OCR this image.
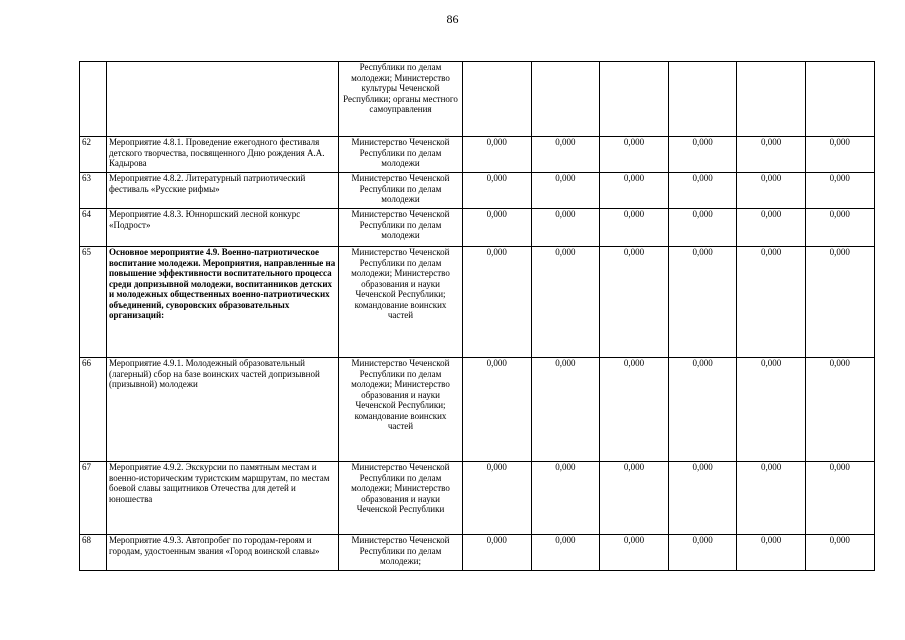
86
		Республики по делам молодежи; Министерство культуры Чеченской Республики; органы местного самоуправления						
62	Мероприятие 4.8.1. Проведение ежегодного фестиваля детского творчества, посвященного Дню рождения А.А. Кадырова	Министерство Чеченской Республики по делам молодежи	0,000	0,000	0,000	0,000	0,000	0,000
63	Мероприятие 4.8.2. Литературный патриотический фестиваль «Русские рифмы»	Министерство Чеченской Республики по делам молодежи	0,000	0,000	0,000	0,000	0,000	0,000
64	Мероприятие 4.8.3. Юнноршский лесной конкурс «Подрост»	Министерство Чеченской Республики по делам молодежи	0,000	0,000	0,000	0,000	0,000	0,000
65	Основное мероприятие 4.9. Военно-патриотическое воспитание молодежи. Мероприятия, направленные на повышение эффективности воспитательного процесса среди допризывной молодежи, воспитанников детских и молодежных общественных военно-патриотических объединений, суворовских образовательных организаций:	Министерство Чеченской Республики по делам молодежи; Министерство образования и науки Чеченской Республики; командование воинских частей	0,000	0,000	0,000	0,000	0,000	0,000
66	Мероприятие 4.9.1. Молодежный образовательный (лагерный) сбор на базе воинских частей допризывной (призывной) молодежи	Министерство Чеченской Республики по делам молодежи; Министерство образования и науки Чеченской Республики; командование воинских частей	0,000	0,000	0,000	0,000	0,000	0,000
67	Мероприятие 4.9.2. Экскурсии по памятным местам и военно-историческим туристским маршрутам, по местам боевой славы защитников Отечества для детей и юношества	Министерство Чеченской Республики по делам молодежи; Министерство образования и науки Чеченской Республики	0,000	0,000	0,000	0,000	0,000	0,000
68	Мероприятие 4.9.3. Автопробег по городам-героям и городам, удостоенным звания «Город воинской славы»	Министерство Чеченской Республики по делам молодежи;	0,000	0,000	0,000	0,000	0,000	0,000
